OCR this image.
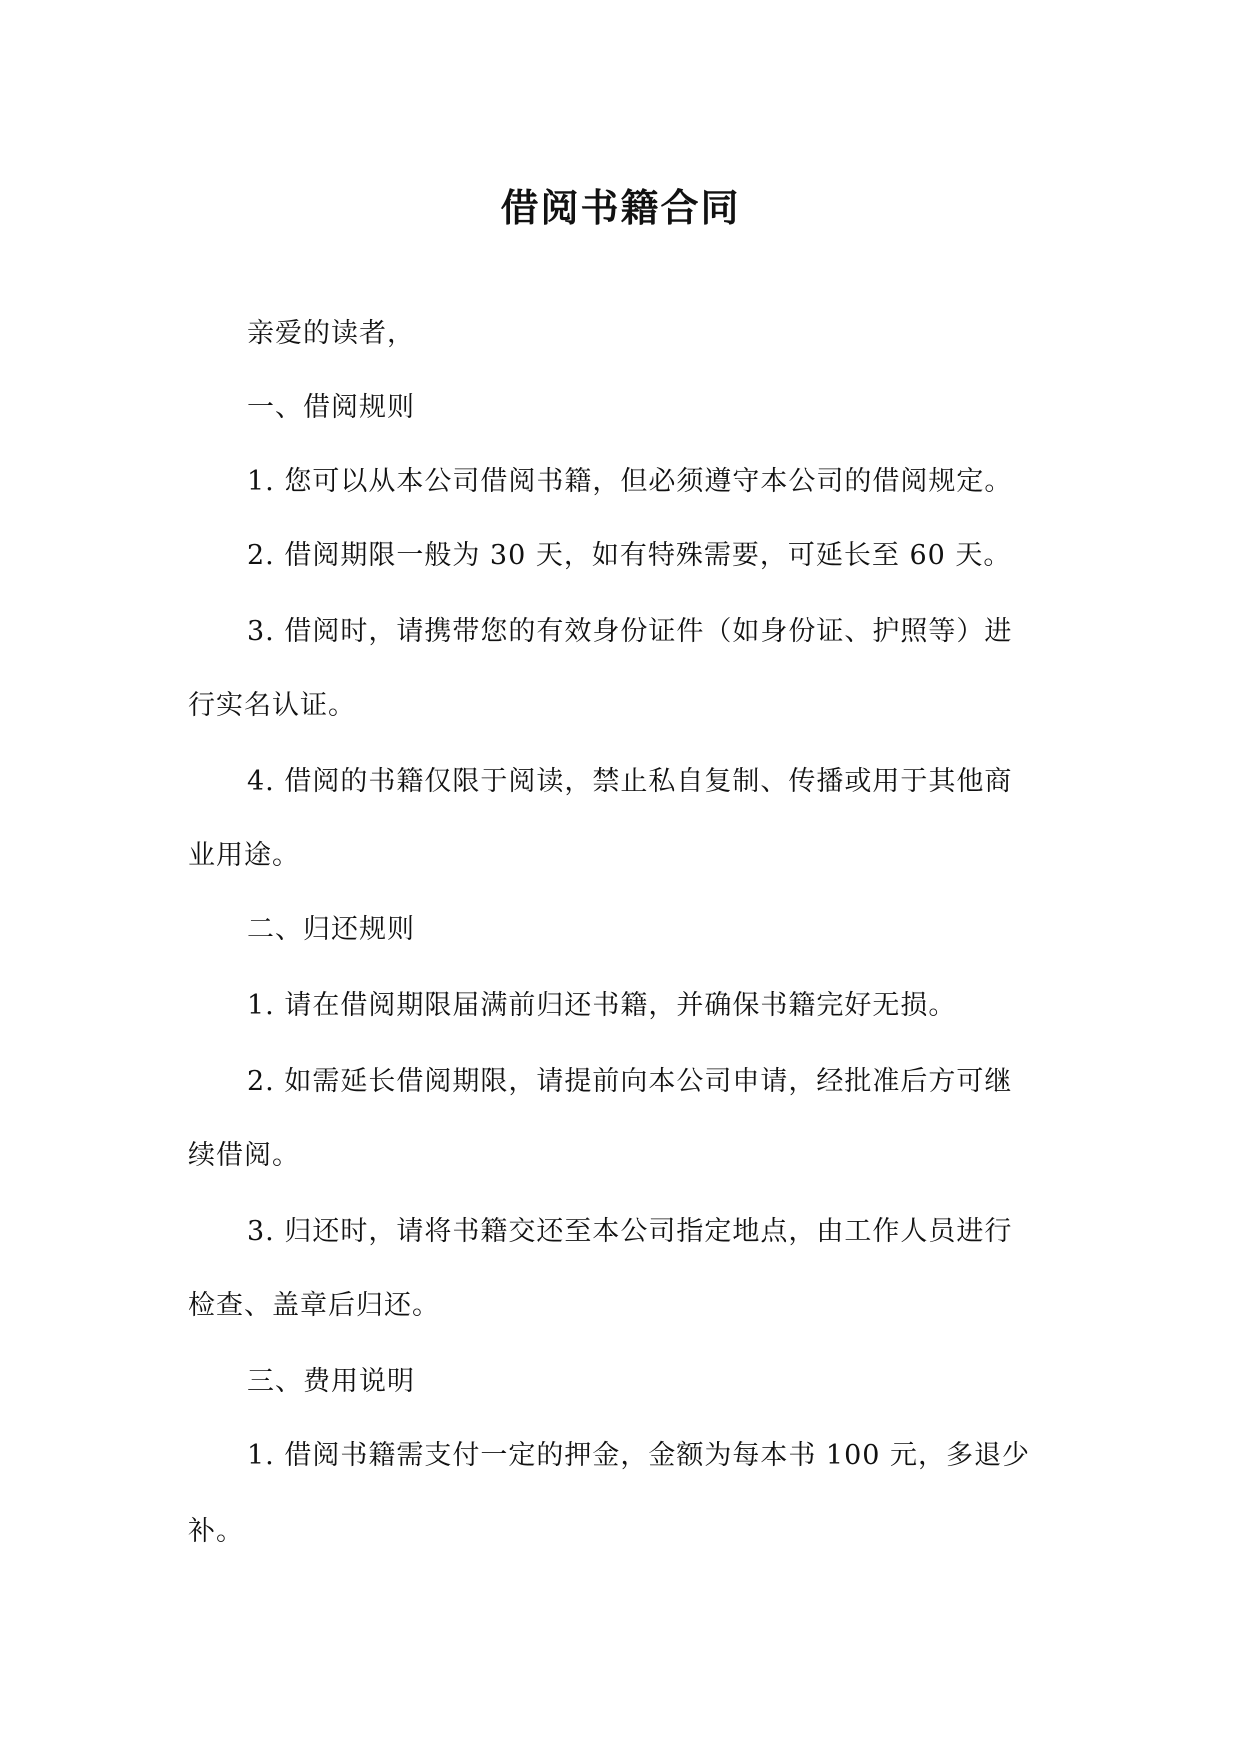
借阅书籍合同
亲爱的读者，
一、借阅规则
1. 您可以从本公司借阅书籍，但必须遵守本公司的借阅规定。
2. 借阅期限一般为 30 天，如有特殊需要，可延长至 60 天。
3. 借阅时，请携带您的有效身份证件（如身份证、护照等）进
行实名认证。
4. 借阅的书籍仅限于阅读，禁止私自复制、传播或用于其他商
业用途。
二、归还规则
1. 请在借阅期限届满前归还书籍，并确保书籍完好无损。
2. 如需延长借阅期限，请提前向本公司申请，经批准后方可继
续借阅。
3. 归还时，请将书籍交还至本公司指定地点，由工作人员进行
检查、盖章后归还。
三、费用说明
1. 借阅书籍需支付一定的押金，金额为每本书 100 元，多退少
补。
